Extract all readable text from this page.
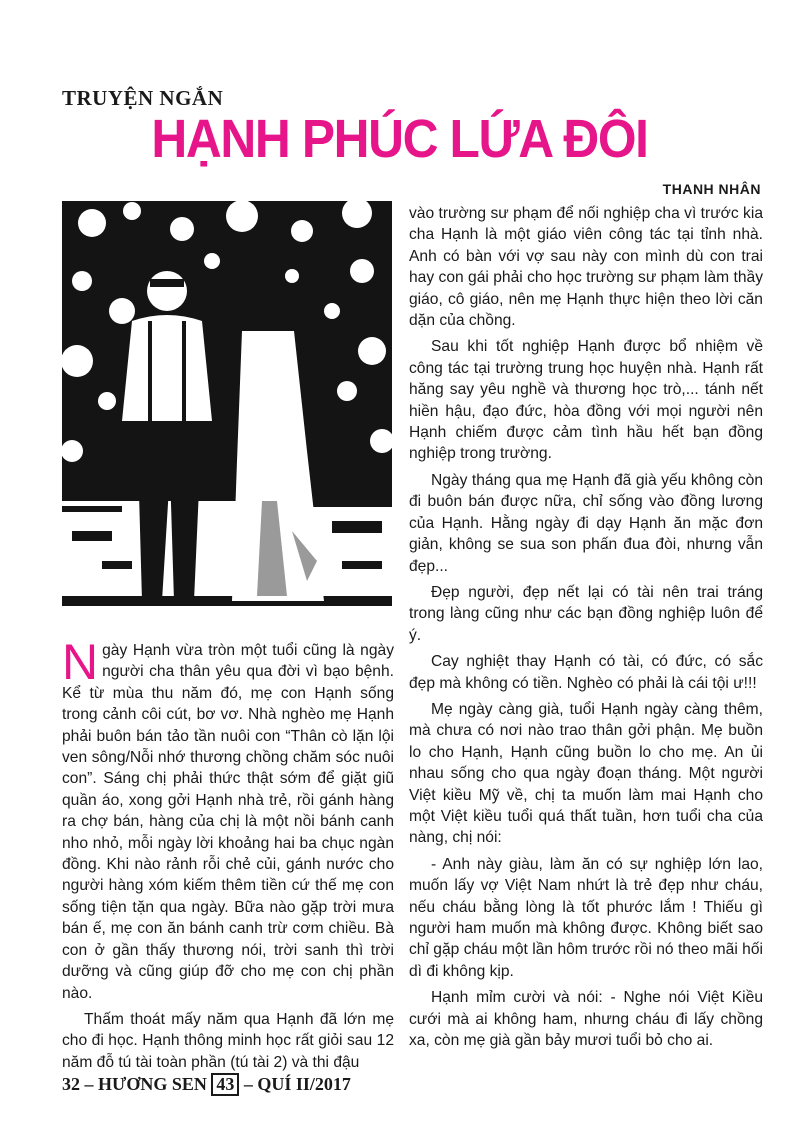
TRUYỆN NGẮN
HẠNH PHÚC LỨA ĐÔI
THANH NHÂN

Ngày Hạnh vừa tròn một tuổi cũng là ngày người cha thân yêu qua đời vì bạo bệnh. Kể từ mùa thu năm đó, mẹ con Hạnh sống trong cảnh côi cút, bơ vơ. Nhà nghèo mẹ Hạnh phải buôn bán tảo tần nuôi con “Thân cò lặn lội ven sông/Nỗi nhớ thương chồng chăm sóc nuôi con”. Sáng chị phải thức thật sớm để giặt giũ quần áo, xong gởi Hạnh nhà trẻ, rồi gánh hàng ra chợ bán, hàng của chị là một nồi bánh canh nho nhỏ, mỗi ngày lời khoảng hai ba chục ngàn đồng. Khi nào rảnh rỗi chẻ củi, gánh nước cho người hàng xóm kiếm thêm tiền cứ thế mẹ con sống tiện tặn qua ngày. Bữa nào gặp trời mưa bán ế, mẹ con ăn bánh canh trừ cơm chiều. Bà con ở gần thấy thương nói, trời sanh thì trời dưỡng và cũng giúp đỡ cho mẹ con chị phần nào.

Thấm thoát mấy năm qua Hạnh đã lớn mẹ cho đi học. Hạnh thông minh học rất giỏi sau 12 năm đỗ tú tài toàn phần (tú tài 2) và thi đậu

vào trường sư phạm để nối nghiệp cha vì trước kia cha Hạnh là một giáo viên công tác tại tỉnh nhà. Anh có bàn với vợ sau này con mình dù con trai hay con gái phải cho học trường sư phạm làm thầy giáo, cô giáo, nên mẹ Hạnh thực hiện theo lời căn dặn của chồng.

Sau khi tốt nghiệp Hạnh được bổ nhiệm về công tác tại trường trung học huyện nhà. Hạnh rất hăng say yêu nghề và thương học trò,... tánh nết hiền hậu, đạo đức, hòa đồng với mọi người nên Hạnh chiếm được cảm tình hầu hết bạn đồng nghiệp trong trường.

Ngày tháng qua mẹ Hạnh đã già yếu không còn đi buôn bán được nữa, chỉ sống vào đồng lương của Hạnh. Hằng ngày đi dạy Hạnh ăn mặc đơn giản, không se sua son phấn đua đòi, nhưng vẫn đẹp...

Đẹp người, đẹp nết lại có tài nên trai tráng trong làng cũng như các bạn đồng nghiệp luôn để ý.

Cay nghiệt thay Hạnh có tài, có đức, có sắc đẹp mà không có tiền. Nghèo có phải là cái tội ư!!!

Mẹ ngày càng già, tuổi Hạnh ngày càng thêm, mà chưa có nơi nào trao thân gởi phận. Mẹ buồn lo cho Hạnh, Hạnh cũng buồn lo cho mẹ. An ủi nhau sống cho qua ngày đoạn tháng. Một người Việt kiều Mỹ về, chị ta muốn làm mai Hạnh cho một Việt kiều tuổi quá thất tuần, hơn tuổi cha của nàng, chị nói:

- Anh này giàu, làm ăn có sự nghiệp lớn lao, muốn lấy vợ Việt Nam nhứt là trẻ đẹp như cháu, nếu cháu bằng lòng là tốt phước lắm ! Thiếu gì người ham muốn mà không được. Không biết sao chỉ gặp cháu một lần hôm trước rồi nó theo mãi hối dì đi không kịp.

Hạnh mỉm cười và nói: - Nghe nói Việt Kiều cưới mà ai không ham, nhưng cháu đi lấy chồng xa, còn mẹ già gần bảy mươi tuổi bỏ cho ai.

32 – HƯƠNG SEN 43 – QUÍ II/2017
